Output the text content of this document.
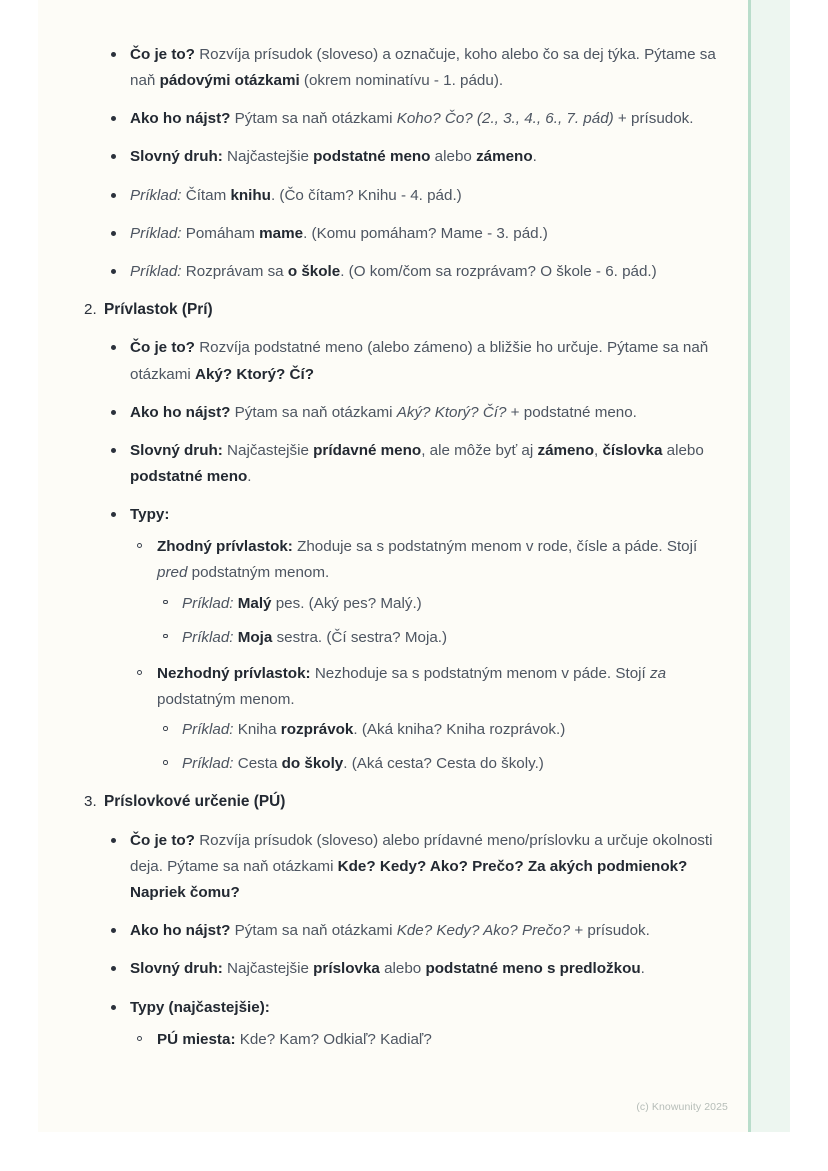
Čo je to? Rozvíja prísudok (sloveso) a označuje, koho alebo čo sa dej týka. Pýtame sa naň pádovými otázkami (okrem nominatívu - 1. pádu).
Ako ho nájst? Pýtam sa naň otázkami Koho? Čo? (2., 3., 4., 6., 7. pád) + prísudok.
Slovný druh: Najčastejšie podstatné meno alebo zámeno.
Príklad: Čítam knihu. (Čo čítam? Knihu - 4. pád.)
Príklad: Pomáham mame. (Komu pomáham? Mame - 3. pád.)
Príklad: Rozprávam sa o škole. (O kom/čom sa rozprávam? O škole - 6. pád.)
2. Prívlastok (Prí)
Čo je to? Rozvíja podstatné meno (alebo zámeno) a bližšie ho určuje. Pýtame sa naň otázkami Aký? Ktorý? Čí?
Ako ho nájst? Pýtam sa naň otázkami Aký? Ktorý? Čí? + podstatné meno.
Slovný druh: Najčastejšie prídavné meno, ale môže byť aj zámeno, číslovka alebo podstatné meno.
Typy:
Zhodný prívlastok: Zhoduje sa s podstatným menom v rode, čísle a páde. Stojí pred podstatným menom.
Príklad: Malý pes. (Aký pes? Malý.)
Príklad: Moja sestra. (Čí sestra? Moja.)
Nezhodný prívlastok: Nezhoduje sa s podstatným menom v páde. Stojí za podstatným menom.
Príklad: Kniha rozprávok. (Aká kniha? Kniha rozprávok.)
Príklad: Cesta do školy. (Aká cesta? Cesta do školy.)
3. Príslovkové určenie (PÚ)
Čo je to? Rozvíja prísudok (sloveso) alebo prídavné meno/príslovku a určuje okolnosti deja. Pýtame sa naň otázkami Kde? Kedy? Ako? Prečo? Za akých podmienok? Napriek čomu?
Ako ho nájst? Pýtam sa naň otázkami Kde? Kedy? Ako? Prečo? + prísudok.
Slovný druh: Najčastejšie príslovka alebo podstatné meno s predložkou.
Typy (najčastejšie):
PÚ miesta: Kde? Kam? Odkiaľ? Kadiaľ?
(c) Knowunity 2025
